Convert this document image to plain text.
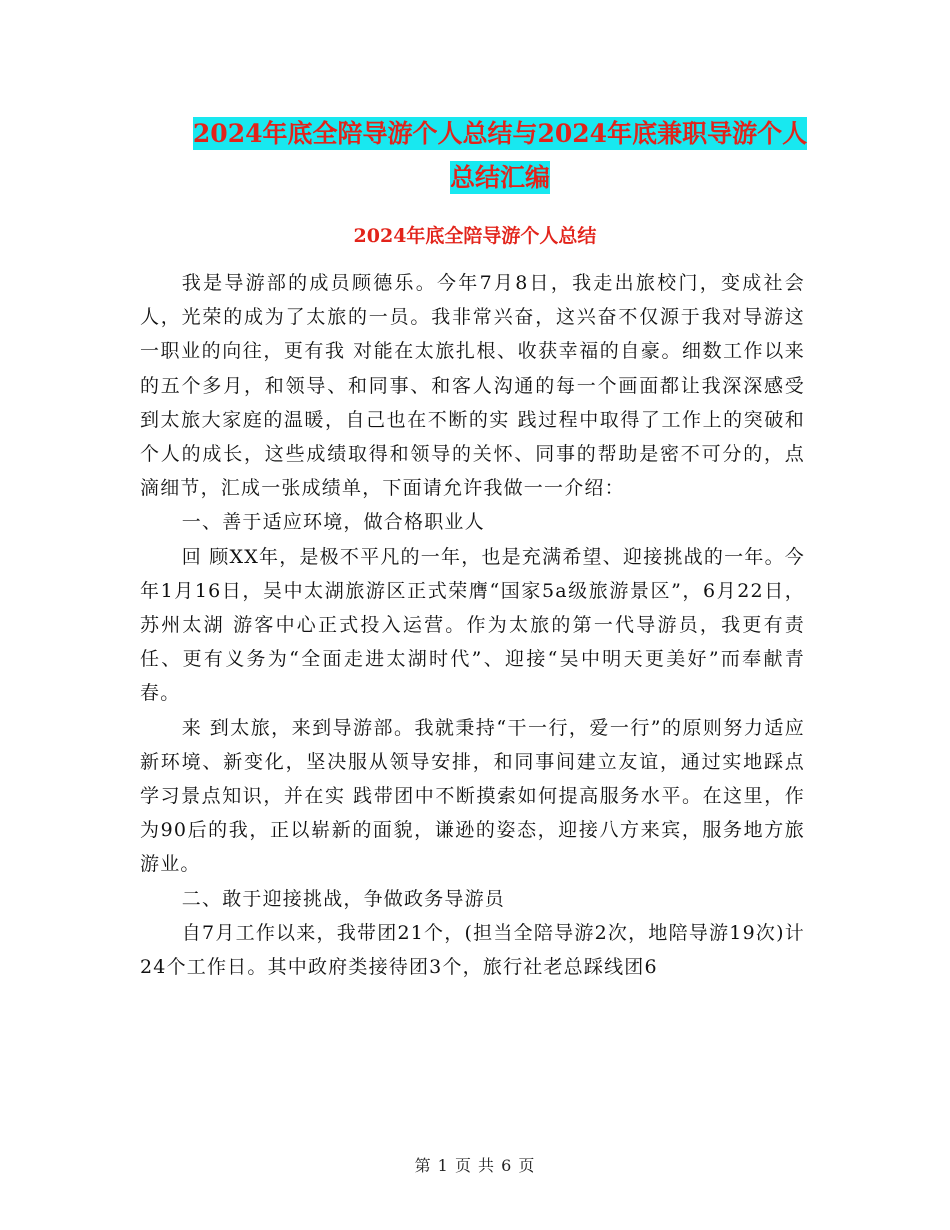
2024年底全陪导游个人总结与2024年底兼职导游个人
总结汇编
2024年底全陪导游个人总结

我是导游部的成员顾德乐。今年7月8日，我走出旅校门，变成社会人，光荣的成为了太旅的一员。我非常兴奋，这兴奋不仅源于我对导游这一职业的向往，更有我 对能在太旅扎根、收获幸福的自豪。细数工作以来的五个多月，和领导、和同事、和客人沟通的每一个画面都让我深深感受到太旅大家庭的温暖，自己也在不断的实 践过程中取得了工作上的突破和个人的成长，这些成绩取得和领导的关怀、同事的帮助是密不可分的，点滴细节，汇成一张成绩单，下面请允许我做一一介绍：

一、善于适应环境，做合格职业人

回 顾XX年，是极不平凡的一年，也是充满希望、迎接挑战的一年。今年1月16日，吴中太湖旅游区正式荣膺“国家5a级旅游景区”，6月22日，苏州太湖 游客中心正式投入运营。作为太旅的第一代导游员，我更有责任、更有义务为“全面走进太湖时代”、迎接“吴中明天更美好”而奉献青春。

来 到太旅，来到导游部。我就秉持“干一行，爱一行”的原则努力适应新环境、新变化，坚决服从领导安排，和同事间建立友谊，通过实地踩点学习景点知识，并在实 践带团中不断摸索如何提高服务水平。在这里，作为90后的我，正以崭新的面貌，谦逊的姿态，迎接八方来宾，服务地方旅游业。

二、敢于迎接挑战，争做政务导游员

自7月工作以来，我带团21个，(担当全陪导游2次，地陪导游19次)计24个工作日。其中政府类接待团3个，旅行社老总踩线团6

第 1 页 共 6 页
